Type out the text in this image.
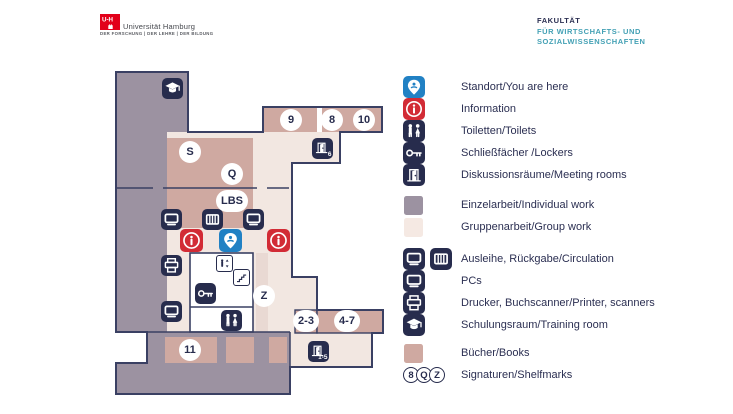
U-H
Universität Hamburg
DER FORSCHUNG | DER LEHRE | DER BILDUNG
FAKULTÄT
FÜR WIRTSCHAFTS- UND
SOZIALWISSENSCHAFTEN
6
1-5
S
Q
LBS
9	8	10
Z
2-3	4-7
11
Standort/You are here
Information
Toiletten/Toilets
Schließfächer /Lockers
Diskussionsräume/Meeting rooms
Einzelarbeit/Individual work
Gruppenarbeit/Group work
Ausleihe, Rückgabe/Circulation
PCs
Drucker, Buchscanner/Printer, scanners
Schulungsraum/Training room
Bücher/Books
8 Q Z	Signaturen/Shelfmarks
